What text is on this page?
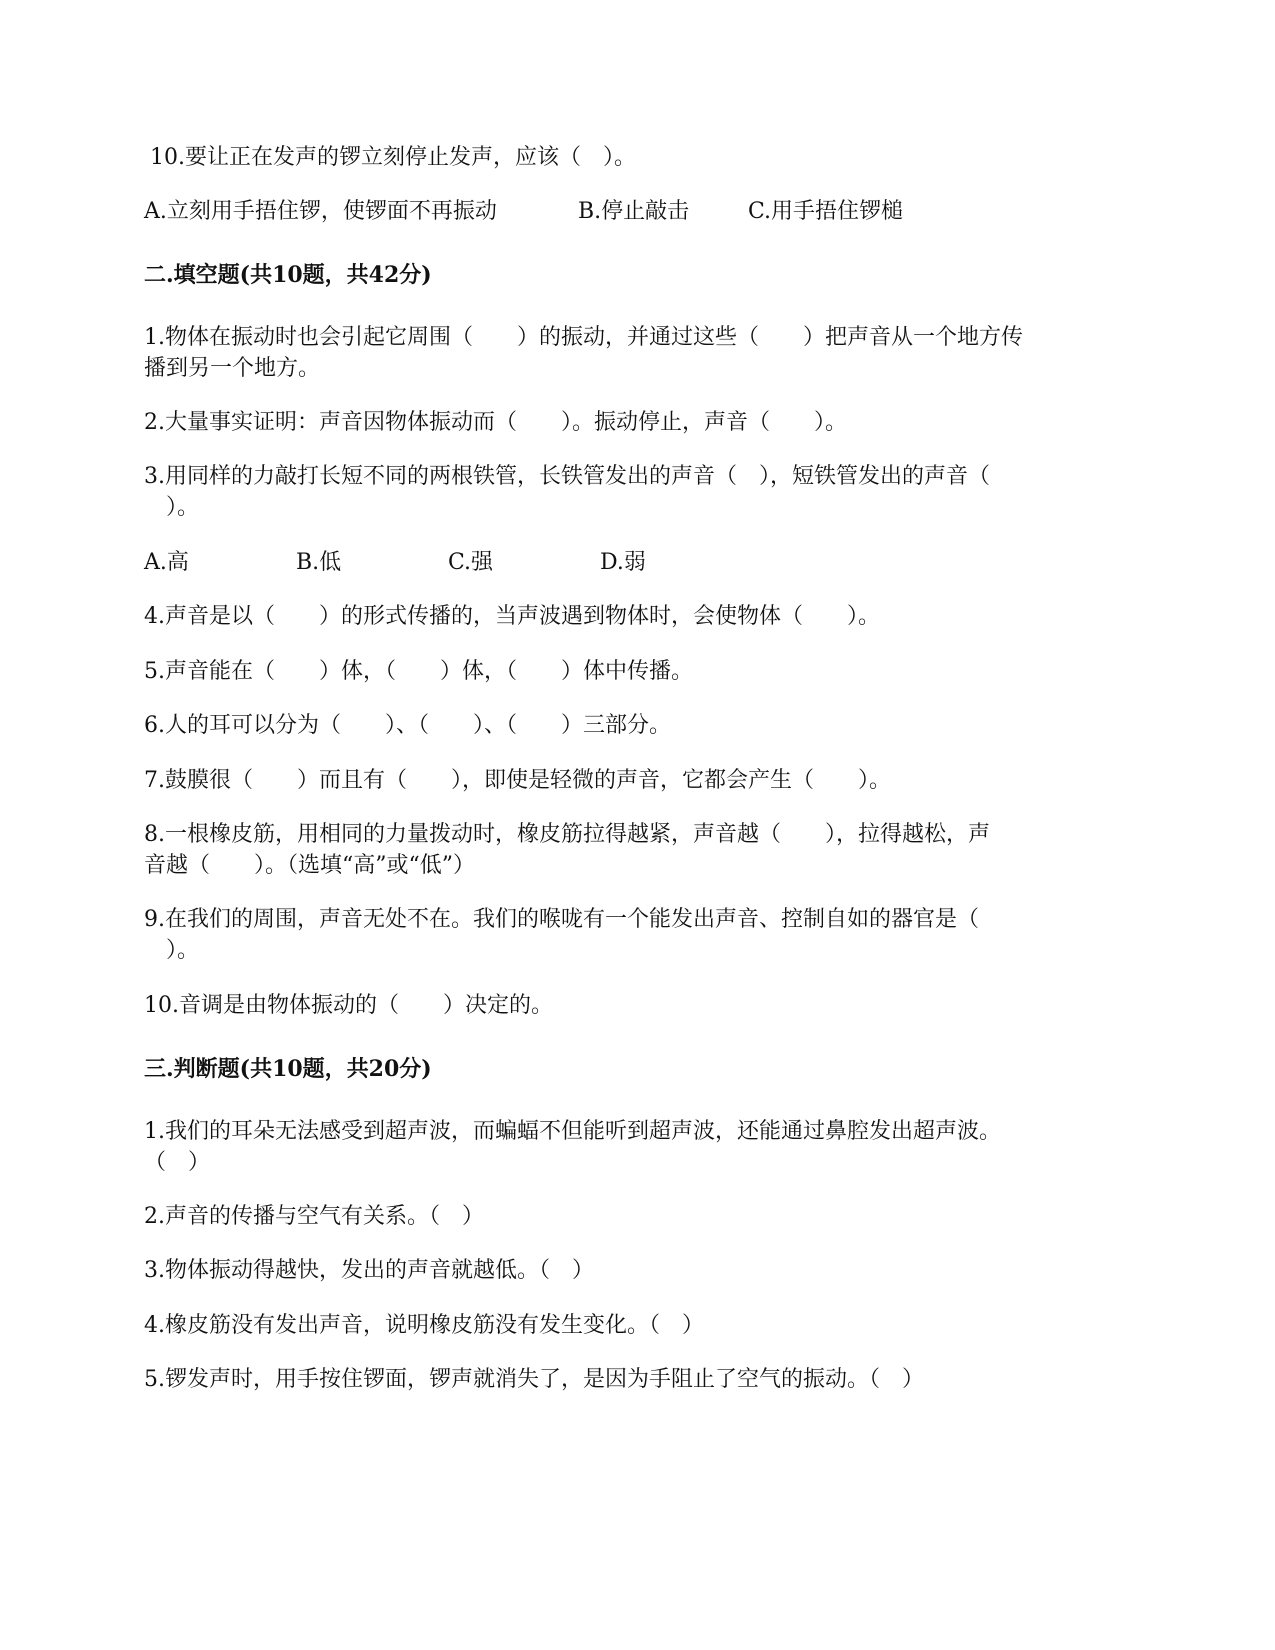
10.要让正在发声的锣立刻停止发声，应该（　）。
A.立刻用手捂住锣，使锣面不再振动	B.停止敲击	C.用手捂住锣槌
二.填空题(共10题，共42分)
1.物体在振动时也会引起它周围（　　）的振动，并通过这些（　　）把声音从一个地方传
播到另一个地方。
2.大量事实证明：声音因物体振动而（　　）。振动停止，声音（　　）。
3.用同样的力敲打长短不同的两根铁管，长铁管发出的声音（　），短铁管发出的声音（
　）。
A.高	B.低	C.强	D.弱
4.声音是以（　　）的形式传播的，当声波遇到物体时，会使物体（　　）。
5.声音能在（　　）体，（　　）体，（　　）体中传播。
6.人的耳可以分为（　　）、（　　）、（　　）三部分。
7.鼓膜很（　　）而且有（　　），即使是轻微的声音，它都会产生（　　）。
8.一根橡皮筋，用相同的力量拨动时，橡皮筋拉得越紧，声音越（　　），拉得越松，声
音越（　　）。（选填“高”或“低”）
9.在我们的周围，声音无处不在。我们的喉咙有一个能发出声音、控制自如的器官是（
　）。
10.音调是由物体振动的（　　）决定的。
三.判断题(共10题，共20分)
1.我们的耳朵无法感受到超声波，而蝙蝠不但能听到超声波，还能通过鼻腔发出超声波。
（　）
2.声音的传播与空气有关系。（　）
3.物体振动得越快，发出的声音就越低。（　）
4.橡皮筋没有发出声音，说明橡皮筋没有发生变化。（　）
5.锣发声时，用手按住锣面，锣声就消失了，是因为手阻止了空气的振动。（　）
